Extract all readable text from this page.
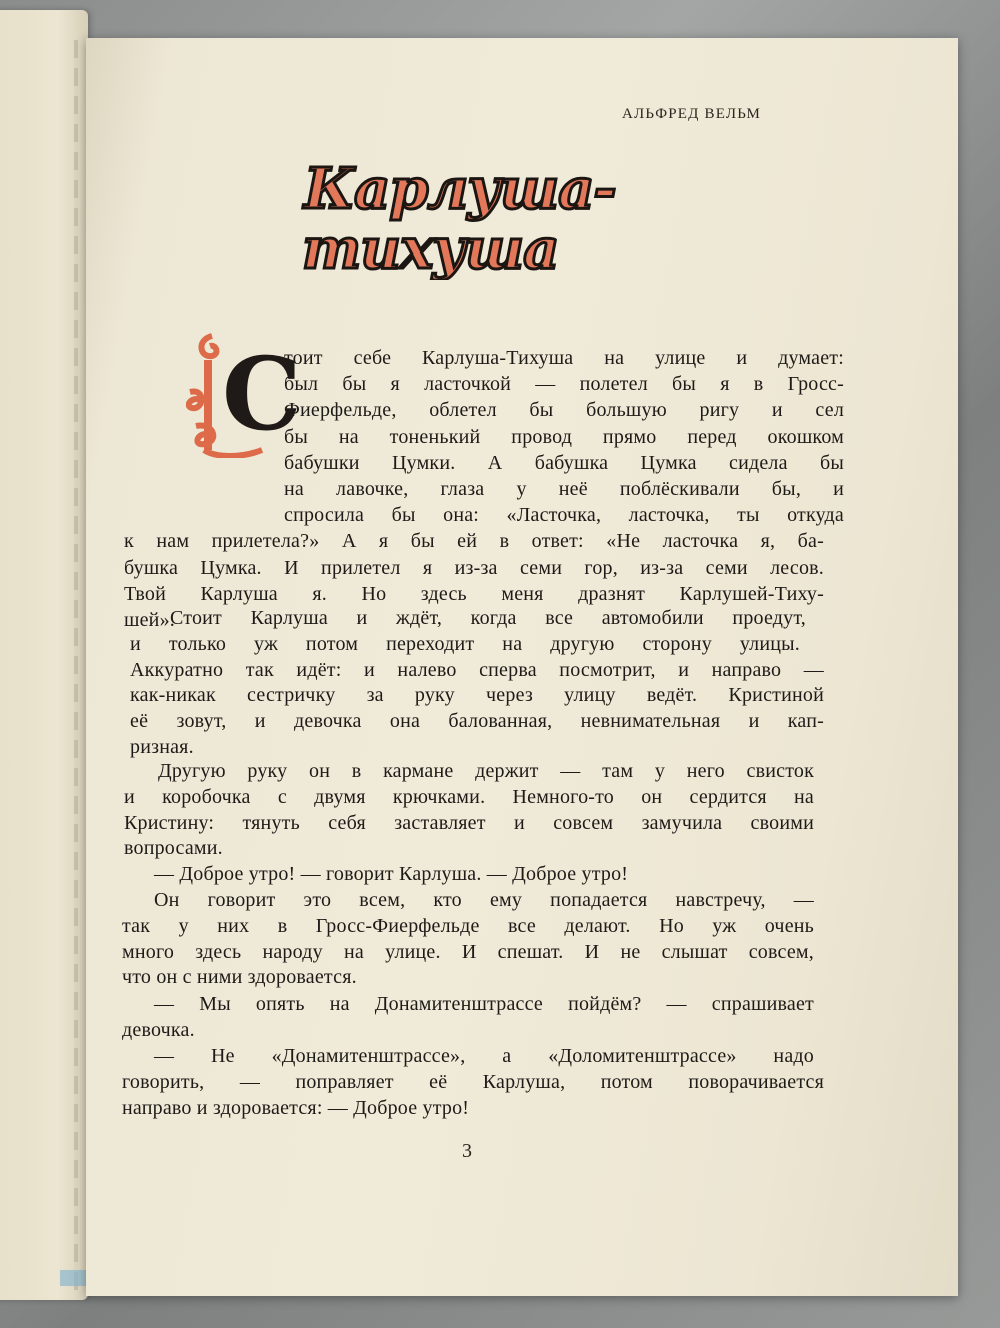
АЛЬФРЕД ВЕЛЬМ
Карлуша-
тихуша
С
тоит себе Карлуша-Тихуша на улице и думает:
был бы я ласточкой — полетел бы я в Гросс-
Фиерфельде, облетел бы большую ригу и сел
бы на тоненький провод прямо перед окошком
бабушки Цумки. А бабушка Цумка сидела бы
на лавочке, глаза у неё поблёскивали бы, и
спросила бы она: «Ласточка, ласточка, ты откуда
к нам прилетела?» А я бы ей в ответ: «Не ласточка я, ба-
бушка Цумка. И прилетел я из-за семи гор, из-за семи лесов.
Твой Карлуша я. Но здесь меня дразнят Карлушей-Тиху-
шей».
Стоит Карлуша и ждёт, когда все автомобили проедут,
и только уж потом переходит на другую сторону улицы.
Аккуратно так идёт: и налево сперва посмотрит, и направо —
как-никак сестричку за руку через улицу ведёт. Кристиной
её зовут, и девочка она балованная, невнимательная и кап-
ризная.
Другую руку он в кармане держит — там у него свисток
и коробочка с двумя крючками. Немного-то он сердится на
Кристину: тянуть себя заставляет и совсем замучила своими
вопросами.
— Доброе утро! — говорит Карлуша. — Доброе утро!
Он говорит это всем, кто ему попадается навстречу, —
так у них в Гросс-Фиерфельде все делают. Но уж очень
много здесь народу на улице. И спешат. И не слышат совсем,
что он с ними здоровается.
— Мы опять на Донамитенштрассе пойдём? — спрашивает
девочка.
— Не «Донамитенштрассе», а «Доломитенштрассе» надо
говорить, — поправляет её Карлуша, потом поворачивается
направо и здоровается: — Доброе утро!
3
